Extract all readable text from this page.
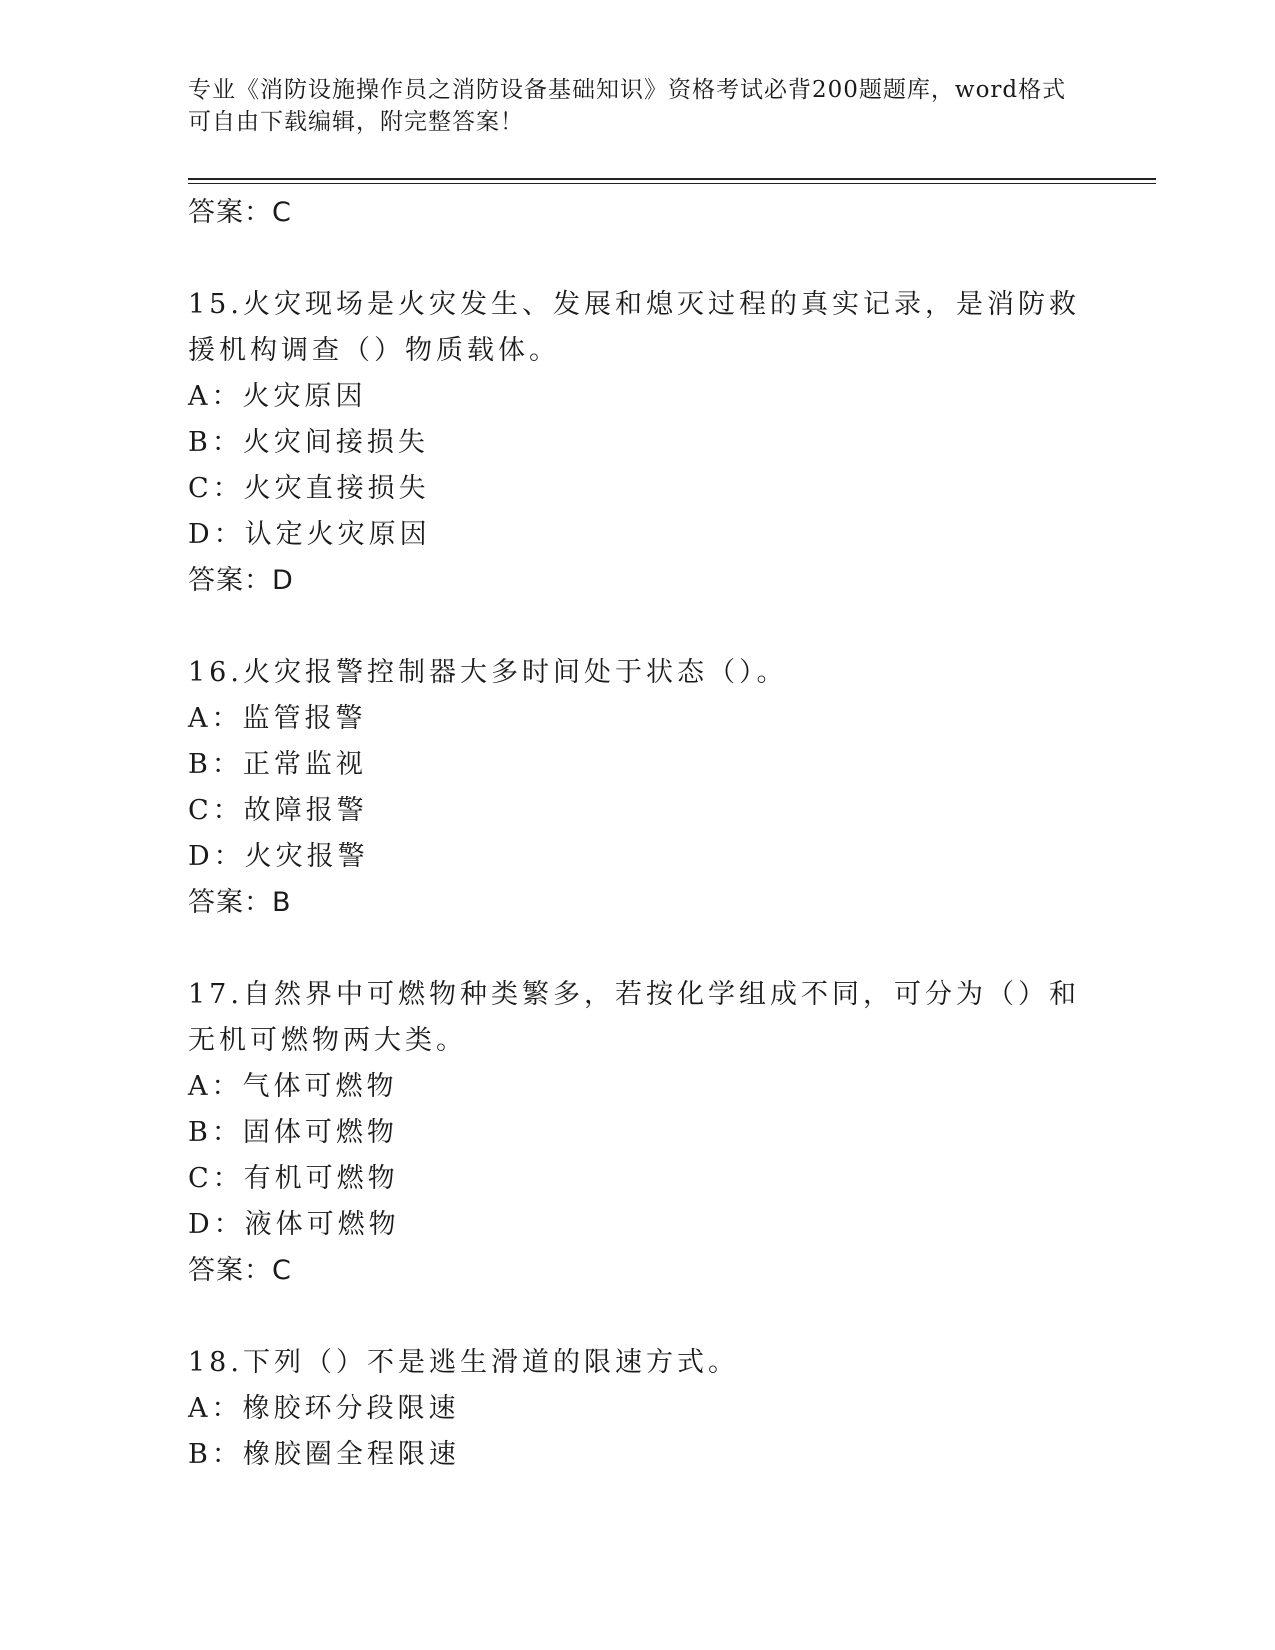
专业《消防设施操作员之消防设备基础知识》资格考试必背200题题库，word格式可自由下载编辑，附完整答案！
答案：C
15.火灾现场是火灾发生、发展和熄灭过程的真实记录，是消防救援机构调查（）物质载体。
A：火灾原因
B：火灾间接损失
C：火灾直接损失
D：认定火灾原因
答案：D
16.火灾报警控制器大多时间处于状态（）。
A：监管报警
B：正常监视
C：故障报警
D：火灾报警
答案：B
17.自然界中可燃物种类繁多，若按化学组成不同，可分为（）和无机可燃物两大类。
A：气体可燃物
B：固体可燃物
C：有机可燃物
D：液体可燃物
答案：C
18.下列（）不是逃生滑道的限速方式。
A：橡胶环分段限速
B：橡胶圈全程限速
